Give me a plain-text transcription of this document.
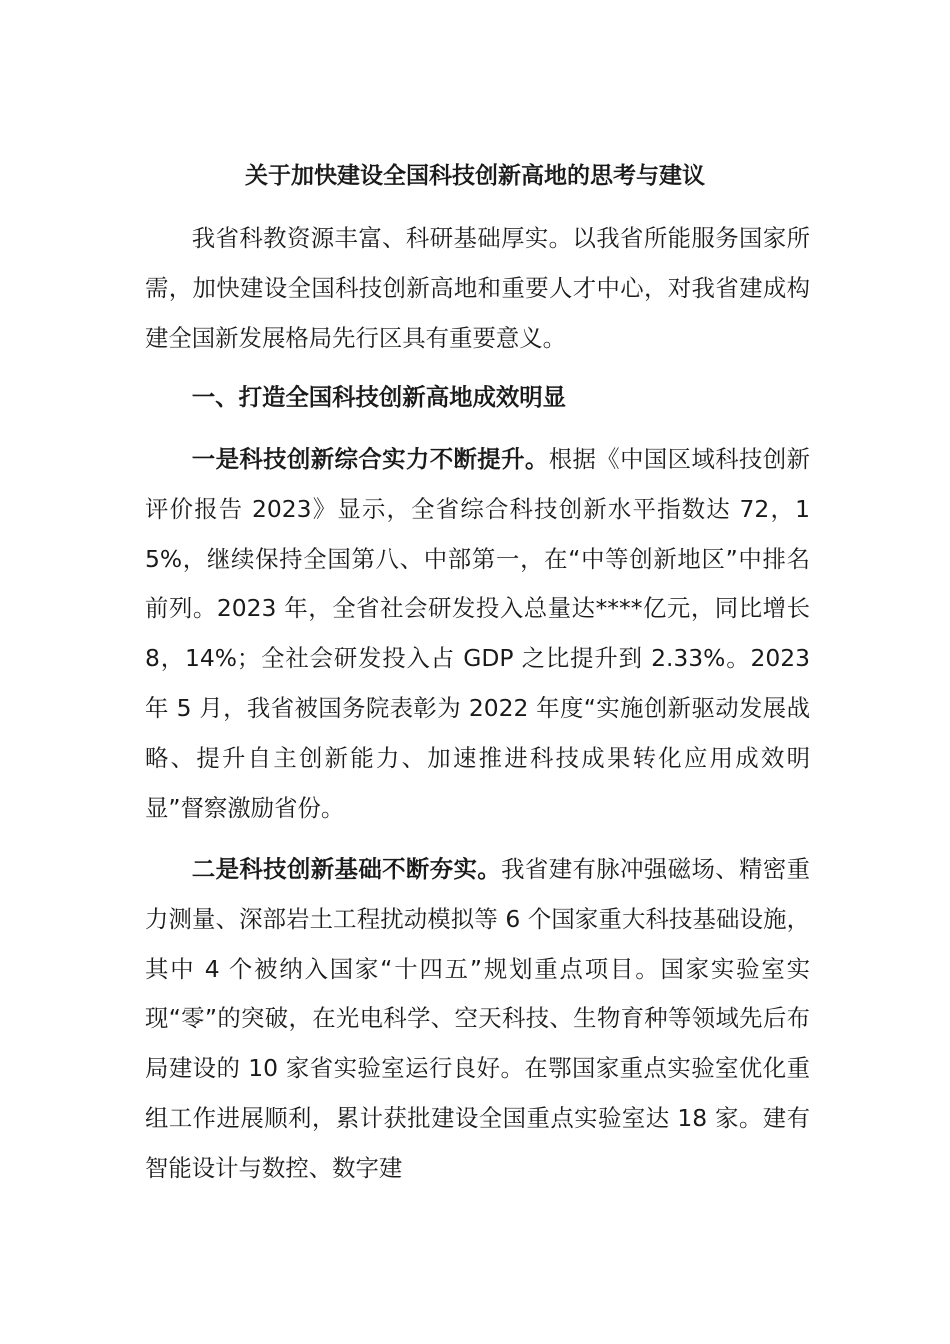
关于加快建设全国科技创新高地的思考与建议

我省科教资源丰富、科研基础厚实。以我省所能服务国家所需，加快建设全国科技创新高地和重要人才中心，对我省建成构建全国新发展格局先行区具有重要意义。

一、打造全国科技创新高地成效明显

一是科技创新综合实力不断提升。根据《中国区域科技创新评价报告 2023》显示，全省综合科技创新水平指数达 72，15%，继续保持全国第八、中部第一，在“中等创新地区”中排名前列。2023 年，全省社会研发投入总量达****亿元，同比增长 8，14%；全社会研发投入占 GDP 之比提升到 2.33%。2023 年 5 月，我省被国务院表彰为 2022 年度“实施创新驱动发展战略、提升自主创新能力、加速推进科技成果转化应用成效明显”督察激励省份。

二是科技创新基础不断夯实。我省建有脉冲强磁场、精密重力测量、深部岩土工程扰动模拟等 6 个国家重大科技基础设施，其中 4 个被纳入国家“十四五”规划重点项目。国家实验室实现“零”的突破，在光电科学、空天科技、生物育种等领域先后布局建设的 10 家省实验室运行良好。在鄂国家重点实验室优化重组工作进展顺利，累计获批建设全国重点实验室达 18 家。建有智能设计与数控、数字建
